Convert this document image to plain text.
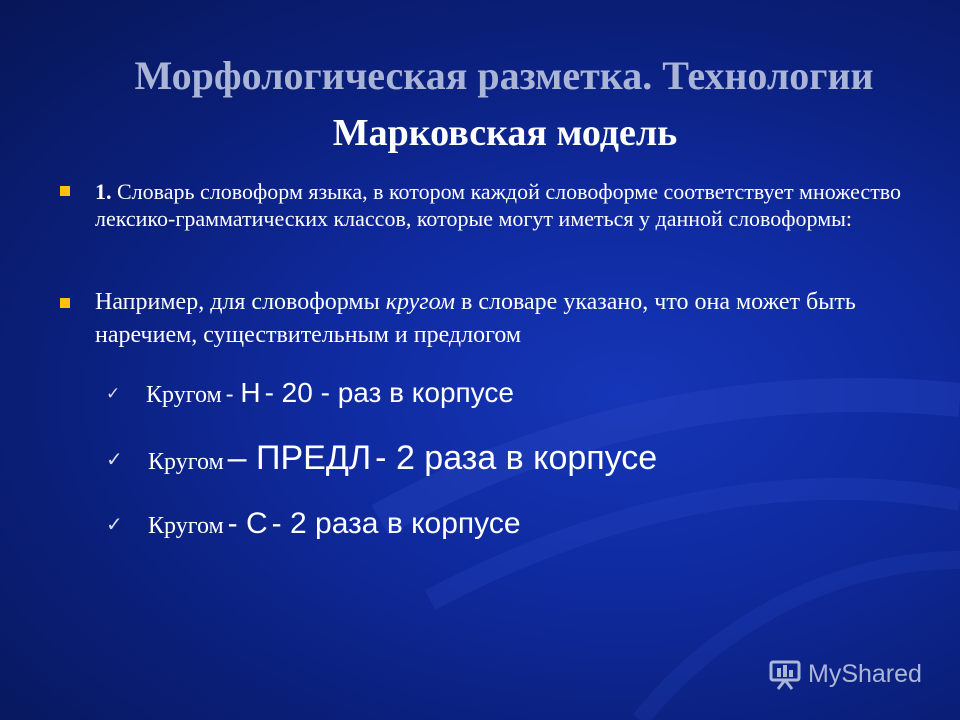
Морфологическая разметка. Технологии
Марковская модель
1. Словарь словоформ языка, в котором каждой словоформе соответствует множество лексико-грамматических классов, которые могут иметься у данной словоформы:
Например, для словоформы кругом в словаре указано, что она может быть наречием, существительным и предлогом
✓ Кругом - Н - 20 - раз в корпусе
✓ Кругом – ПРЕДЛ - 2 раза в корпусе
✓ Кругом - С - 2 раза в корпусе
MyShared
